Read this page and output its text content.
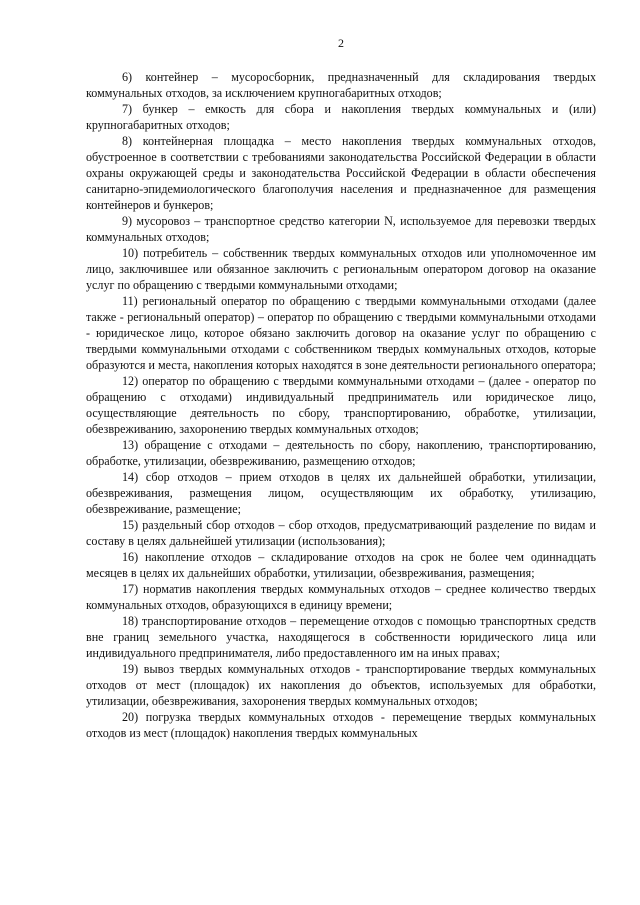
2

6) контейнер – мусоросборник, предназначенный для складирования твердых коммунальных отходов, за исключением крупногабаритных отходов;

7) бункер – емкость для сбора и накопления твердых коммунальных и (или) крупногабаритных отходов;

8) контейнерная площадка – место накопления твердых коммунальных отходов, обустроенное в соответствии с требованиями законодательства Российской Федерации в области охраны окружающей среды и законодательства Российской Федерации в области обеспечения санитарно-эпидемиологического благополучия населения и предназначенное для размещения контейнеров и бункеров;

9) мусоровоз – транспортное средство категории N, используемое для перевозки твердых коммунальных отходов;

10) потребитель – собственник твердых коммунальных отходов или уполномоченное им лицо, заключившее или обязанное заключить с региональным оператором договор на оказание услуг по обращению с твердыми коммунальными отходами;

11) региональный оператор по обращению с твердыми коммунальными отходами (далее также - региональный оператор) – оператор по обращению с твердыми коммунальными отходами - юридическое лицо, которое обязано заключить договор на оказание услуг по обращению с твердыми коммунальными отходами с собственником твердых коммунальных отходов, которые образуются и места, накопления которых находятся в зоне деятельности регионального оператора;

12) оператор по обращению с твердыми коммунальными отходами – (далее - оператор по обращению с отходами) индивидуальный предприниматель или юридическое лицо, осуществляющие деятельность по сбору, транспортированию, обработке, утилизации, обезвреживанию, захоронению твердых коммунальных отходов;

13) обращение с отходами – деятельность по сбору, накоплению, транспортированию, обработке, утилизации, обезвреживанию, размещению отходов;

14) сбор отходов – прием отходов в целях их дальнейшей обработки, утилизации, обезвреживания, размещения лицом, осуществляющим их обработку, утилизацию, обезвреживание, размещение;

15) раздельный сбор отходов – сбор отходов, предусматривающий разделение по видам и составу в целях дальнейшей утилизации (использования);

16) накопление отходов – складирование отходов на срок не более чем одиннадцать месяцев в целях их дальнейших обработки, утилизации, обезвреживания, размещения;

17) норматив накопления твердых коммунальных отходов – среднее количество твердых коммунальных отходов, образующихся в единицу времени;

18) транспортирование отходов – перемещение отходов с помощью транспортных средств вне границ земельного участка, находящегося в собственности юридического лица или индивидуального предпринимателя, либо предоставленного им на иных правах;

19) вывоз твердых коммунальных отходов - транспортирование твердых коммунальных отходов от мест (площадок) их накопления до объектов, используемых для обработки, утилизации, обезвреживания, захоронения твердых коммунальных отходов;

20) погрузка твердых коммунальных отходов - перемещение твердых коммунальных отходов из мест (площадок) накопления твердых коммунальных
